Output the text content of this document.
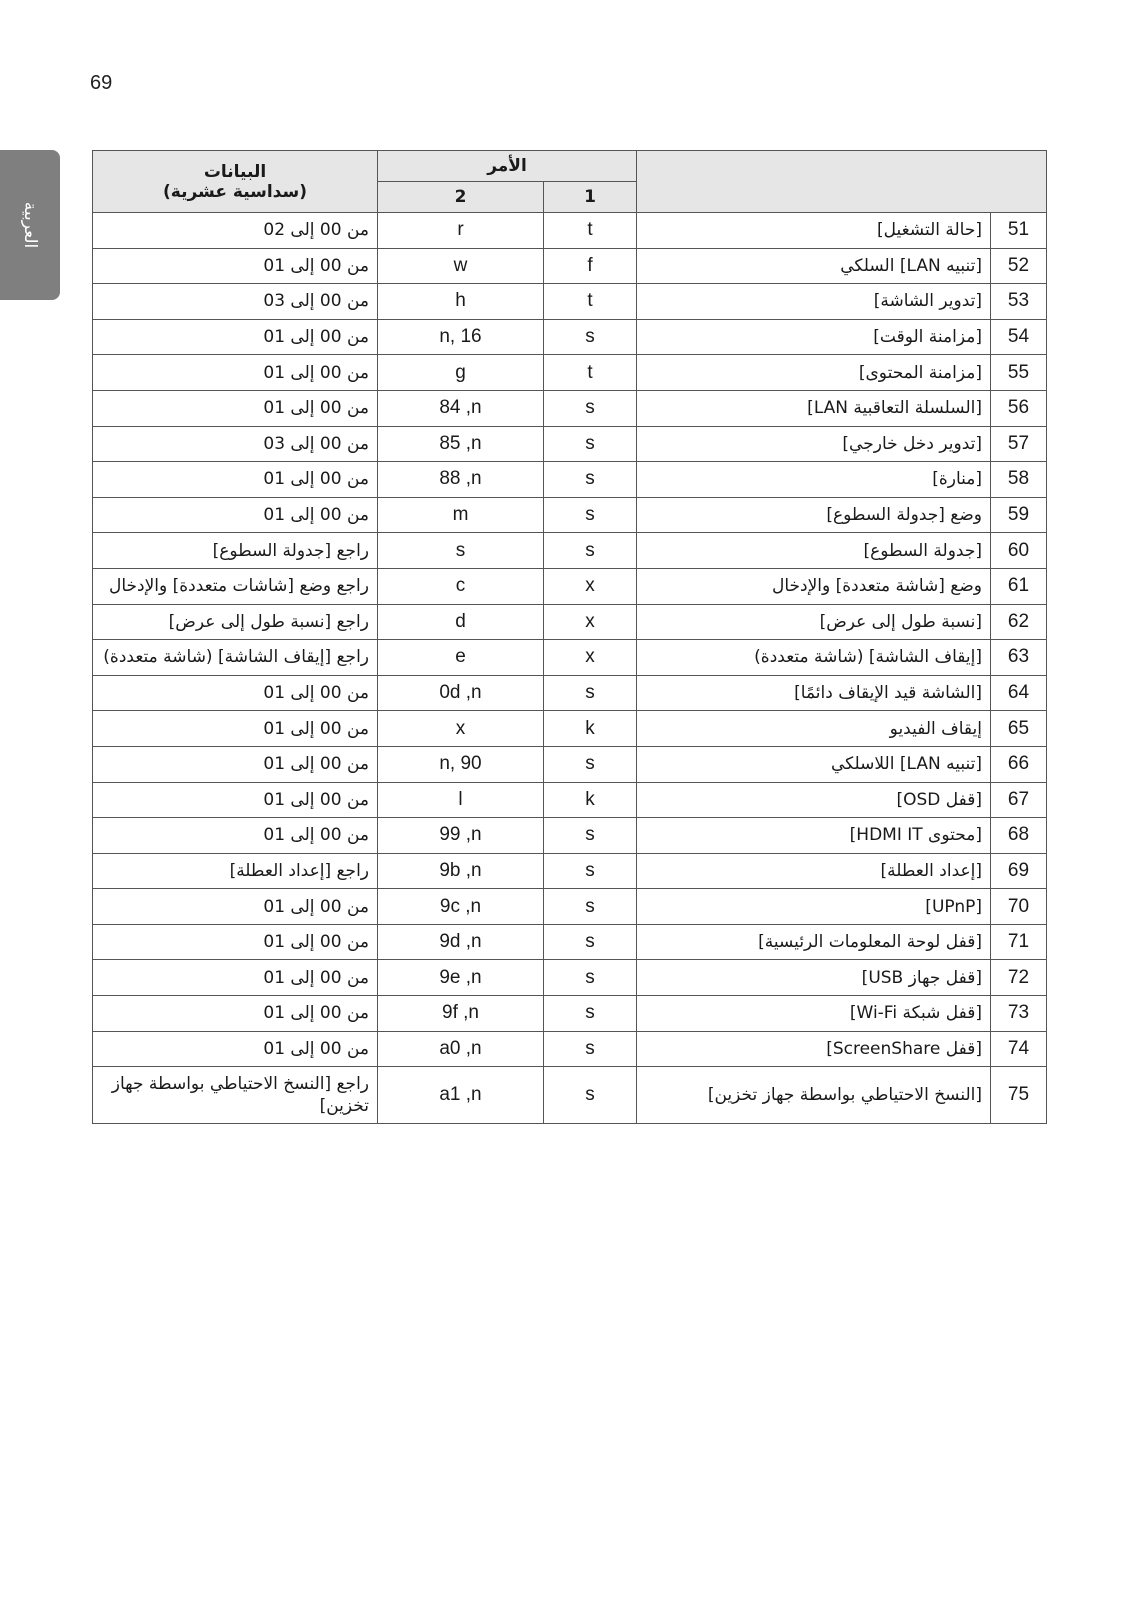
69
العربية
البيانات
(سداسية عشرية)	الأمر			
	2	1		
من 00 إلى 02	r	t	[حالة التشغيل]	51
من 00 إلى 01	w	f	[تنبيه LAN] السلكي	52
من 00 إلى 03	h	t	[تدوير الشاشة]	53
من 00 إلى 01	n, 16	s	[مزامنة الوقت]	54
من 00 إلى 01	g	t	[مزامنة المحتوى]	55
من 00 إلى 01	84 ,n	s	[السلسلة التعاقبية LAN]	56
من 00 إلى 03	85 ,n	s	[تدوير دخل خارجي]	57
من 00 إلى 01	88 ,n	s	[منارة]	58
من 00 إلى 01	m	s	وضع [جدولة السطوع]	59
راجع [جدولة السطوع]	s	s	[جدولة السطوع]	60
راجع وضع [شاشات متعددة] والإدخال	c	x	وضع [شاشة متعددة] والإدخال	61
راجع [نسبة طول إلى عرض]	d	x	[نسبة طول إلى عرض]	62
راجع [إيقاف الشاشة] (شاشة متعددة)	e	x	[إيقاف الشاشة] (شاشة متعددة)	63
من 00 إلى 01	0d ,n	s	[الشاشة قيد الإيقاف دائمًا]	64
من 00 إلى 01	x	k	إيقاف الفيديو	65
من 00 إلى 01	n, 90	s	[تنبيه LAN] اللاسلكي	66
من 00 إلى 01	l	k	[قفل OSD]	67
من 00 إلى 01	99 ,n	s	[محتوى HDMI IT]	68
راجع [إعداد العطلة]	9b ,n	s	[إعداد العطلة]	69
من 00 إلى 01	9c ,n	s	[UPnP]	70
من 00 إلى 01	9d ,n	s	[قفل لوحة المعلومات الرئيسية]	71
من 00 إلى 01	9e ,n	s	[قفل جهاز USB]	72
من 00 إلى 01	9f ,n	s	[قفل شبكة Wi-Fi]	73
من 00 إلى 01	a0 ,n	s	[قفل ScreenShare]	74
راجع [النسخ الاحتياطي بواسطة جهاز تخزين]	a1 ,n	s	[النسخ الاحتياطي بواسطة جهاز تخزين]	75
